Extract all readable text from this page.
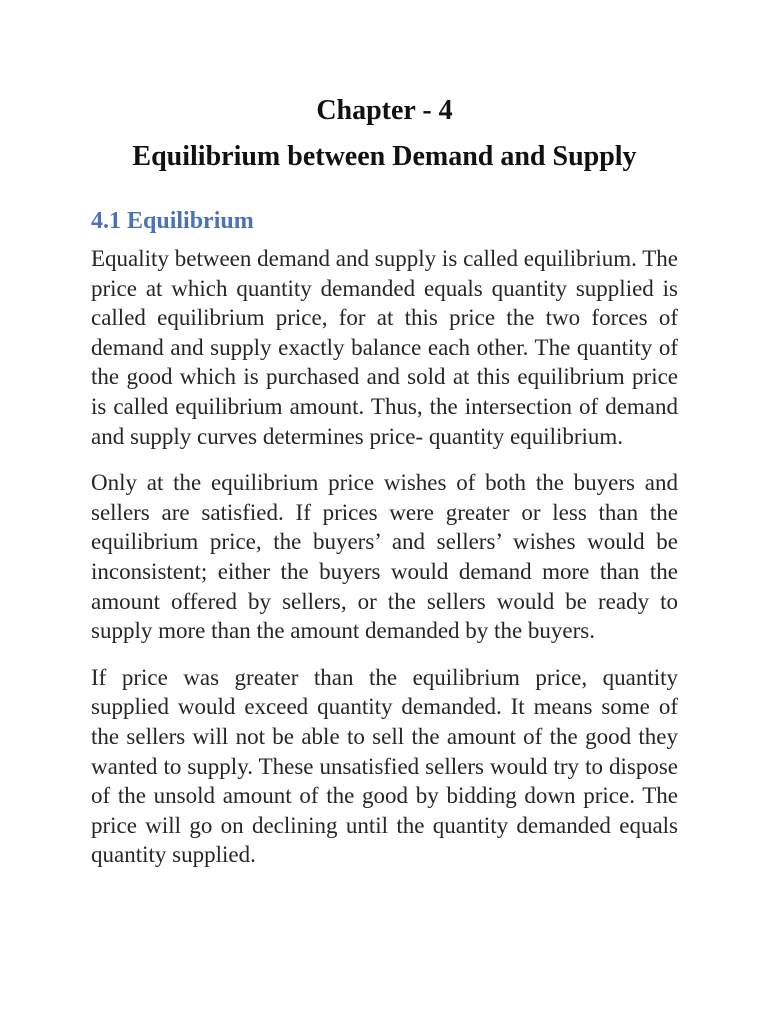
Chapter - 4
Equilibrium between Demand and Supply
4.1 Equilibrium

Equality between demand and supply is called equilibrium. The price at which quantity demanded equals quantity supplied is called equilibrium price, for at this price the two forces of demand and supply exactly balance each other. The quantity of the good which is purchased and sold at this equilibrium price is called equilibrium amount. Thus, the intersection of demand and supply curves determines price- quantity equilibrium.

Only at the equilibrium price wishes of both the buyers and sellers are satisfied. If prices were greater or less than the equilibrium price, the buyers’ and sellers’ wishes would be inconsistent; either the buyers would demand more than the amount offered by sellers, or the sellers would be ready to supply more than the amount demanded by the buyers.

If price was greater than the equilibrium price, quantity supplied would exceed quantity demanded. It means some of the sellers will not be able to sell the amount of the good they wanted to supply. These unsatisfied sellers would try to dispose of the unsold amount of the good by bidding down price. The price will go on declining until the quantity demanded equals quantity supplied.
